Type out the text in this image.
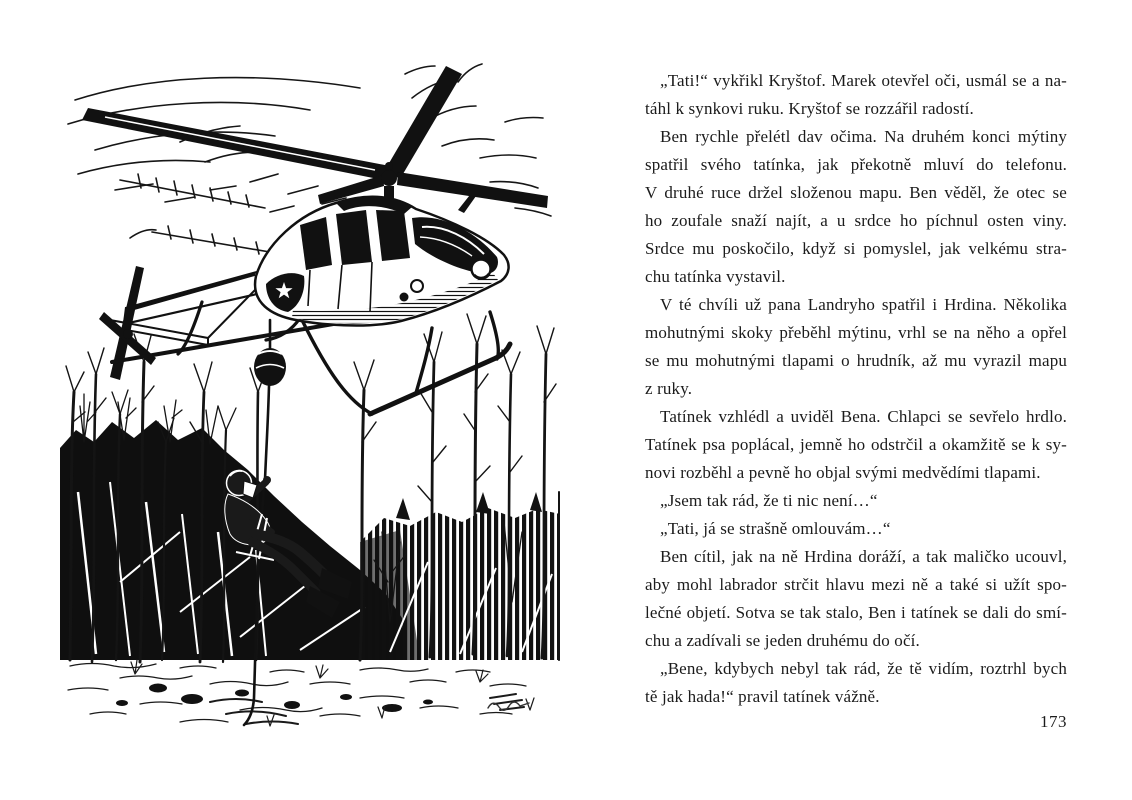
„Tati!“ vykřikl Kryštof. Marek otevřel oči, usmál se a na-
táhl k synkovi ruku. Kryštof se rozzářil radostí.
Ben rychle přelétl dav očima. Na druhém konci mýtiny
spatřil svého tatínka, jak překotně mluví do telefonu.
V druhé ruce držel složenou mapu. Ben věděl, že otec se
ho zoufale snaží najít, a u srdce ho píchnul osten viny.
Srdce mu poskočilo, když si pomyslel, jak velkému stra-
chu tatínka vystavil.
V té chvíli už pana Landryho spatřil i Hrdina. Několika
mohutnými skoky přeběhl mýtinu, vrhl se na něho a opřel
se mu mohutnými tlapami o hrudník, až mu vyrazil mapu
z ruky.
Tatínek vzhlédl a uviděl Bena. Chlapci se sevřelo hrdlo.
Tatínek psa poplácal, jemně ho odstrčil a okamžitě se k sy-
novi rozběhl a pevně ho objal svými medvědími tlapami.
„Jsem tak rád, že ti nic není…“
„Tati, já se strašně omlouvám…“
Ben cítil, jak na ně Hrdina doráží, a tak maličko ucouvl,
aby mohl labrador strčit hlavu mezi ně a také si užít spo-
lečné objetí. Sotva se tak stalo, Ben i tatínek se dali do smí-
chu a zadívali se jeden druhému do očí.
„Bene, kdybych nebyl tak rád, že tě vidím, roztrhl bych
tě jak hada!“ pravil tatínek vážně.
173
